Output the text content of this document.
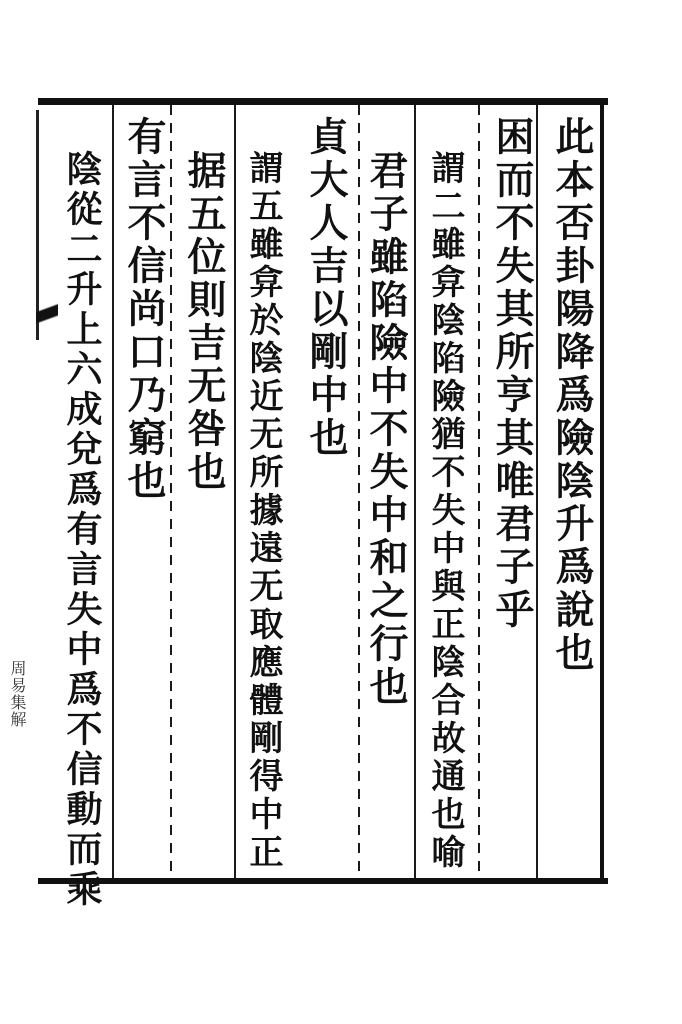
此本否卦陽降爲險陰升爲說也
困而不失其所亨其唯君子乎
謂二雖弇陰陷險猶不失中與正陰合故通也喻
君子雖陷險中不失中和之行也
貞大人吉以剛中也
謂五雖弇於陰近无所據遠无取應體剛得中正
据五位則吉无咎也
有言不信尚口乃窮也
陰從二升上六成兌爲有言失中爲不信動而乘
周易集解
